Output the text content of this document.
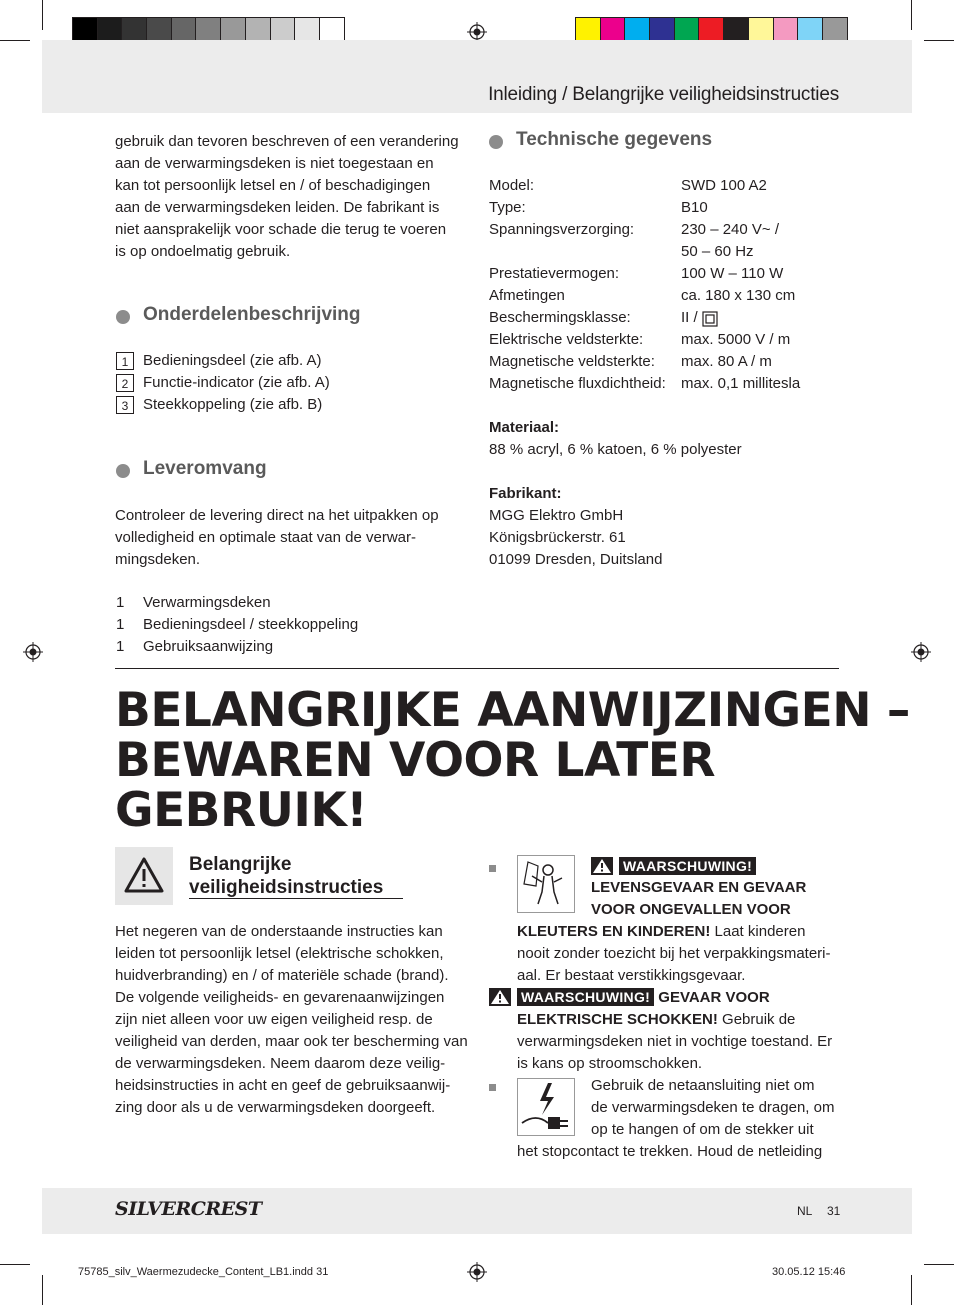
Inleiding / Belangrijke veiligheidsinstructies
gebruik dan tevoren beschreven of een verandering
aan de verwarmingsdeken is niet toegestaan en
kan tot persoonlijk letsel en / of beschadigingen
aan de verwarmingsdeken leiden. De fabrikant is
niet aansprakelijk voor schade die terug te voeren
is op ondoelmatig gebruik.
Onderdelenbeschrijving
1 Bedieningsdeel (zie afb. A)
2 Functie-indicator (zie afb. A)
3 Steekkoppeling (zie afb. B)
Leveromvang
Controleer de levering direct na het uitpakken op
volledigheid en optimale staat van de verwar-
mingsdeken.
1 Verwarmingsdeken
1 Bedieningsdeel / steekkoppeling
1 Gebruiksaanwijzing
Technische gegevens
Model:	SWD 100 A2
Type:	B10
Spanningsverzorging:	230 – 240 V~ /
50 – 60 Hz
Prestatievermogen:	100 W – 110 W
Afmetingen	ca. 180 x 130 cm
Beschermingsklasse:	II /
Elektrische veldsterkte:	max. 5000 V / m
Magnetische veldsterkte: max. 80 A / m
Magnetische fluxdichtheid: max. 0,1 millitesla
Materiaal:
88 % acryl, 6 % katoen, 6 % polyester
Fabrikant:
MGG Elektro GmbH
Königsbrückerstr. 61
01099 Dresden, Duitsland
BELANGRIJKE AANWIJZINGEN –
BEWAREN VOOR LATER
GEBRUIK!
Belangrijke
veiligheidsinstructies
Het negeren van de onderstaande instructies kan
leiden tot persoonlijk letsel (elektrische schokken,
huidverbranding) en / of materiële schade (brand).
De volgende veiligheids- en gevarenaanwijzingen
zijn niet alleen voor uw eigen veiligheid resp. de
veiligheid van derden, maar ook ter bescherming van
de verwarmingsdeken. Neem daarom deze veilig-
heidsinstructies in acht en geef de gebruiksaanwij-
zing door als u de verwarmingsdeken doorgeeft.
WAARSCHUWING!
LEVENSGEVAAR EN GEVAAR
VOOR ONGEVALLEN VOOR
KLEUTERS EN KINDEREN! Laat kinderen
nooit zonder toezicht bij het verpakkingsmateri-
aal. Er bestaat verstikkingsgevaar.
WAARSCHUWING! GEVAAR VOOR
ELEKTRISCHE SCHOKKEN! Gebruik de
verwarmingsdeken niet in vochtige toestand. Er
is kans op stroomschokken.
Gebruik de netaansluiting niet om
de verwarmingsdeken te dragen, om
op te hangen of om de stekker uit
het stopcontact te trekken. Houd de netleiding
SILVERCREST	NL 31
75785_silv_Waermezudecke_Content_LB1.indd 31	30.05.12 15:46
